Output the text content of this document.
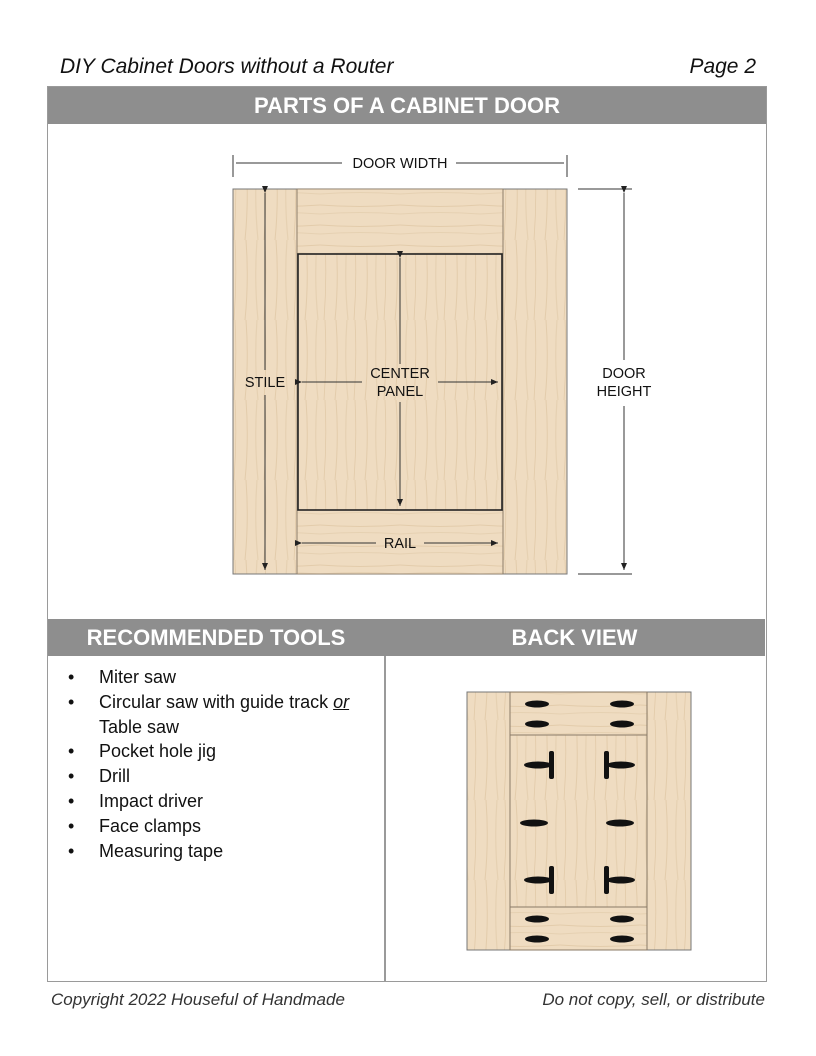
DIY Cabinet Doors without a Router	Page 2
PARTS OF A CABINET DOOR
RECOMMENDED TOOLS	BACK VIEW
• Miter saw
• Circular saw with guide track or
Table saw
• Pocket hole jig
• Drill
• Impact driver
• Face clamps
• Measuring tape
DOOR WIDTH
DOOR
HEIGHT
STILE
CENTER
PANEL
RAIL
Copyright 2022 Houseful of Handmade	Do not copy, sell, or distribute
